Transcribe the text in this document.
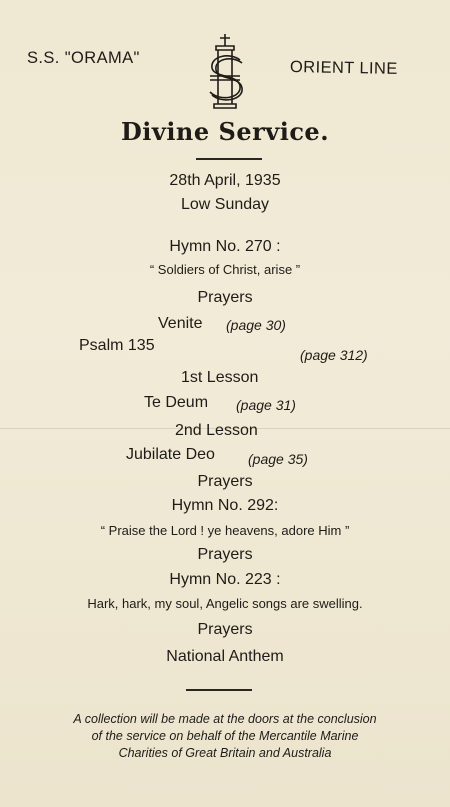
S.S. "ORAMA"
ORIENT LINE
Divine Service.
28th April, 1935
Low Sunday
Hymn No. 270 :
“ Soldiers of Christ, arise ”
Prayers
Venite (page 30)
Psalm 135
(page 312)
1st Lesson
Te Deum (page 31)
2nd Lesson
Jubilate Deo (page 35)
Prayers
Hymn No. 292:
“ Praise the Lord ! ye heavens, adore Him ”
Prayers
Hymn No. 223 :
Hark, hark, my soul, Angelic songs are swelling.
Prayers
National Anthem
A collection will be made at the doors at the conclusion
of the service on behalf of the Mercantile Marine
Charities of Great Britain and Australia
